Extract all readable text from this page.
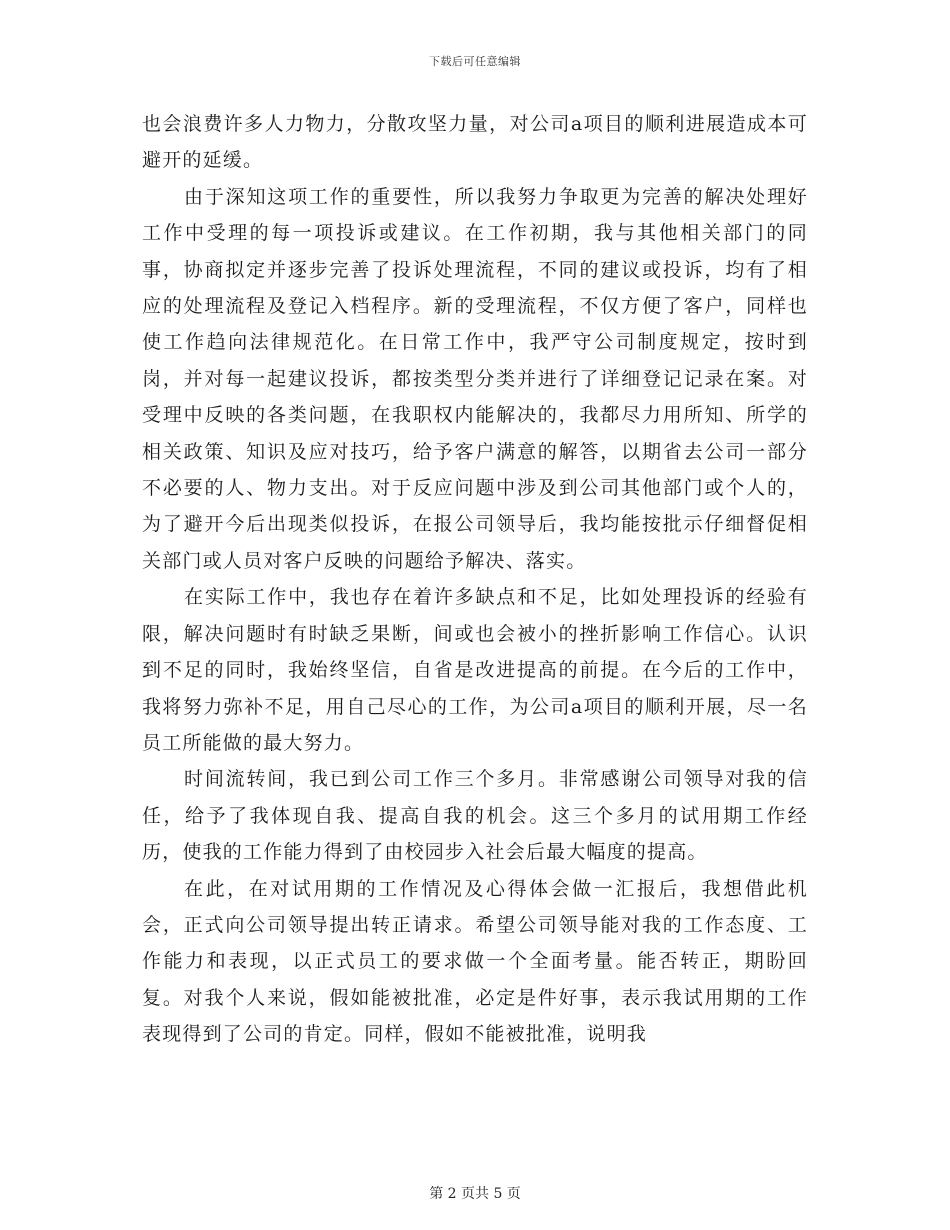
下载后可任意编辑

也会浪费许多人力物力，分散攻坚力量，对公司a项目的顺利进展造成本可避开的延缓。

由于深知这项工作的重要性，所以我努力争取更为完善的解决处理好工作中受理的每一项投诉或建议。在工作初期，我与其他相关部门的同事，协商拟定并逐步完善了投诉处理流程，不同的建议或投诉，均有了相应的处理流程及登记入档程序。新的受理流程，不仅方便了客户，同样也使工作趋向法律规范化。在日常工作中，我严守公司制度规定，按时到岗，并对每一起建议投诉，都按类型分类并进行了详细登记记录在案。对受理中反映的各类问题，在我职权内能解决的，我都尽力用所知、所学的相关政策、知识及应对技巧，给予客户满意的解答，以期省去公司一部分不必要的人、物力支出。对于反应问题中涉及到公司其他部门或个人的，为了避开今后出现类似投诉，在报公司领导后，我均能按批示仔细督促相关部门或人员对客户反映的问题给予解决、落实。

在实际工作中，我也存在着许多缺点和不足，比如处理投诉的经验有限，解决问题时有时缺乏果断，间或也会被小的挫折影响工作信心。认识到不足的同时，我始终坚信，自省是改进提高的前提。在今后的工作中，我将努力弥补不足，用自己尽心的工作，为公司a项目的顺利开展，尽一名员工所能做的最大努力。

时间流转间，我已到公司工作三个多月。非常感谢公司领导对我的信任，给予了我体现自我、提高自我的机会。这三个多月的试用期工作经历，使我的工作能力得到了由校园步入社会后最大幅度的提高。

在此，在对试用期的工作情况及心得体会做一汇报后，我想借此机会，正式向公司领导提出转正请求。希望公司领导能对我的工作态度、工作能力和表现，以正式员工的要求做一个全面考量。能否转正，期盼回复。对我个人来说，假如能被批准，必定是件好事，表示我试用期的工作表现得到了公司的肯定。同样，假如不能被批准，说明我

第 2 页共 5 页
